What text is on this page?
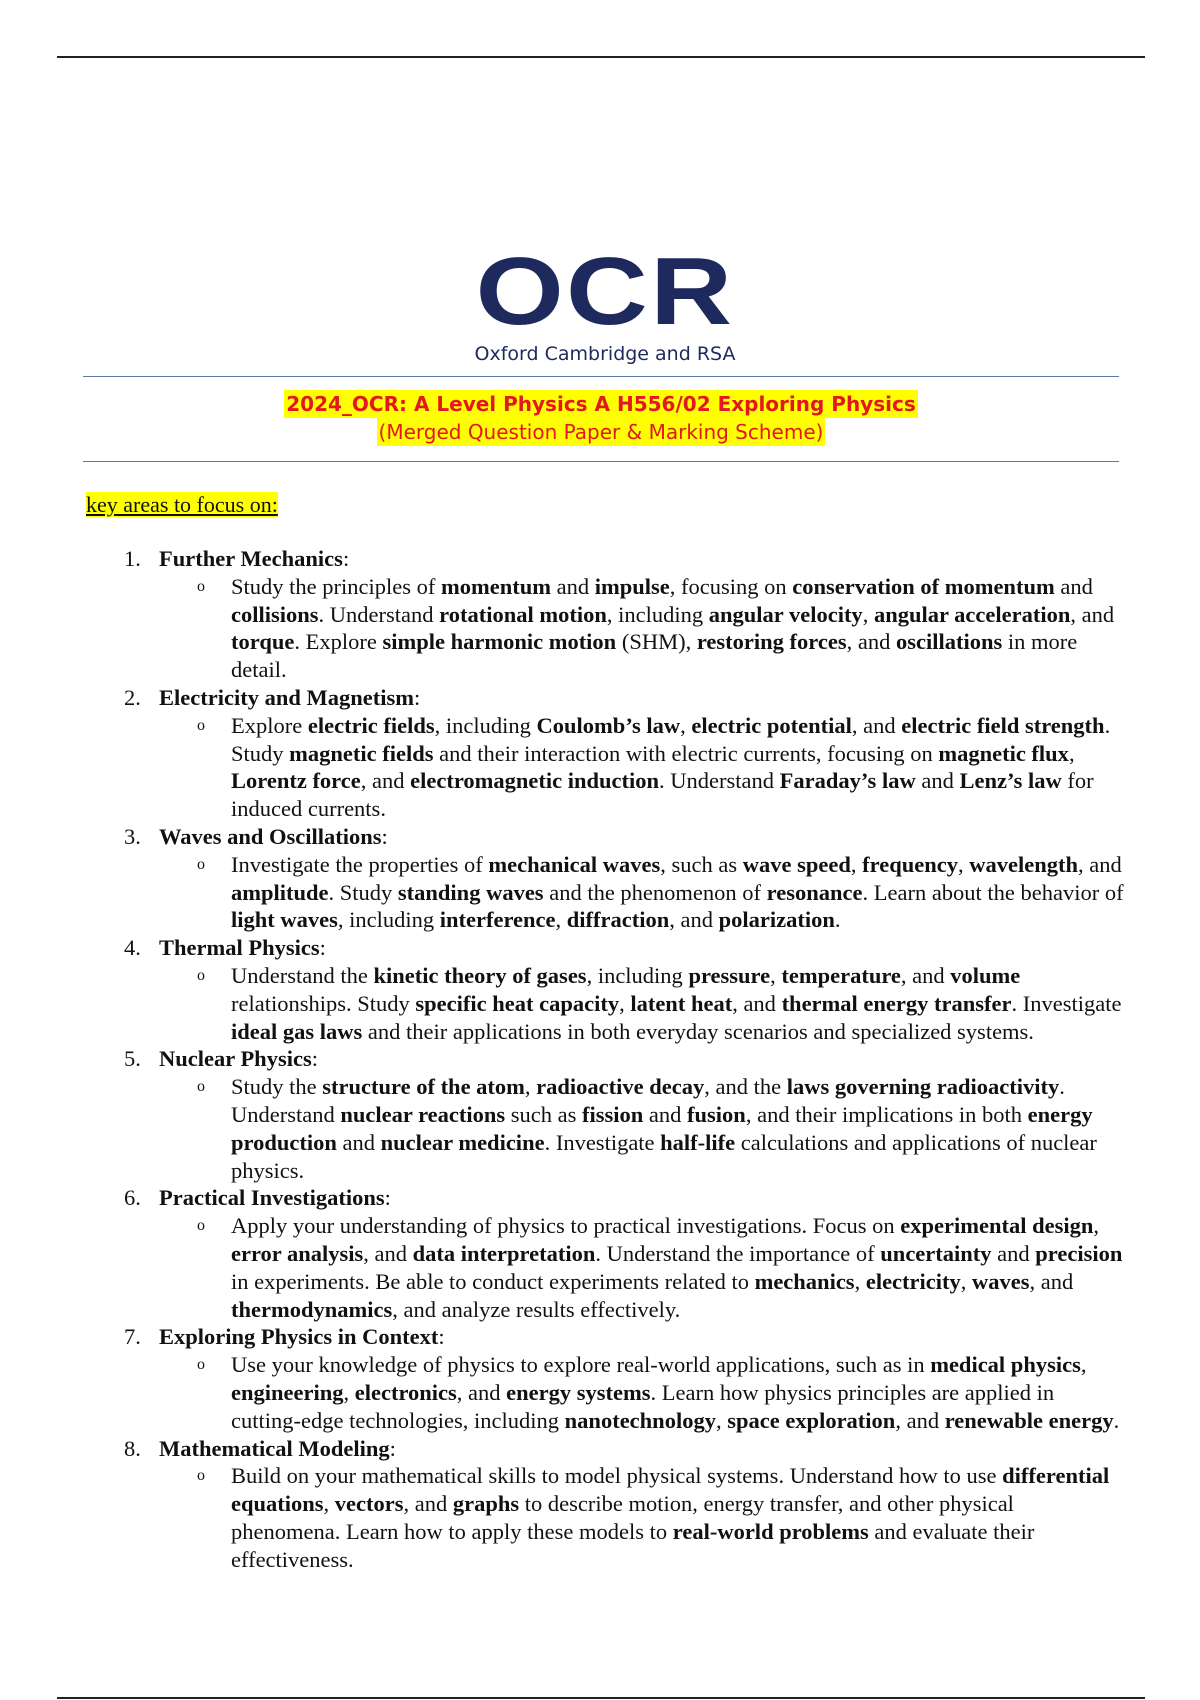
OCR
Oxford Cambridge and RSA
2024_OCR: A Level Physics A H556/02 Exploring Physics
(Merged Question Paper & Marking Scheme)
key areas to focus on:

1. Further Mechanics:

o Study the principles of momentum and impulse, focusing on conservation of momentum and collisions. Understand rotational motion, including angular velocity, angular acceleration, and torque. Explore simple harmonic motion (SHM), restoring forces, and oscillations in more detail.

2. Electricity and Magnetism:

o Explore electric fields, including Coulomb’s law, electric potential, and electric field strength. Study magnetic fields and their interaction with electric currents, focusing on magnetic flux, Lorentz force, and electromagnetic induction. Understand Faraday’s law and Lenz’s law for induced currents.

3. Waves and Oscillations:

o Investigate the properties of mechanical waves, such as wave speed, frequency, wavelength, and amplitude. Study standing waves and the phenomenon of resonance. Learn about the behavior of light waves, including interference, diffraction, and polarization.

4. Thermal Physics:

o Understand the kinetic theory of gases, including pressure, temperature, and volume relationships. Study specific heat capacity, latent heat, and thermal energy transfer. Investigate ideal gas laws and their applications in both everyday scenarios and specialized systems.

5. Nuclear Physics:

o Study the structure of the atom, radioactive decay, and the laws governing radioactivity. Understand nuclear reactions such as fission and fusion, and their implications in both energy production and nuclear medicine. Investigate half-life calculations and applications of nuclear physics.

6. Practical Investigations:

o Apply your understanding of physics to practical investigations. Focus on experimental design, error analysis, and data interpretation. Understand the importance of uncertainty and precision in experiments. Be able to conduct experiments related to mechanics, electricity, waves, and thermodynamics, and analyze results effectively.

7. Exploring Physics in Context:

o Use your knowledge of physics to explore real-world applications, such as in medical physics, engineering, electronics, and energy systems. Learn how physics principles are applied in cutting-edge technologies, including nanotechnology, space exploration, and renewable energy.

8. Mathematical Modeling:

o Build on your mathematical skills to model physical systems. Understand how to use differential equations, vectors, and graphs to describe motion, energy transfer, and other physical phenomena. Learn how to apply these models to real-world problems and evaluate their effectiveness.
